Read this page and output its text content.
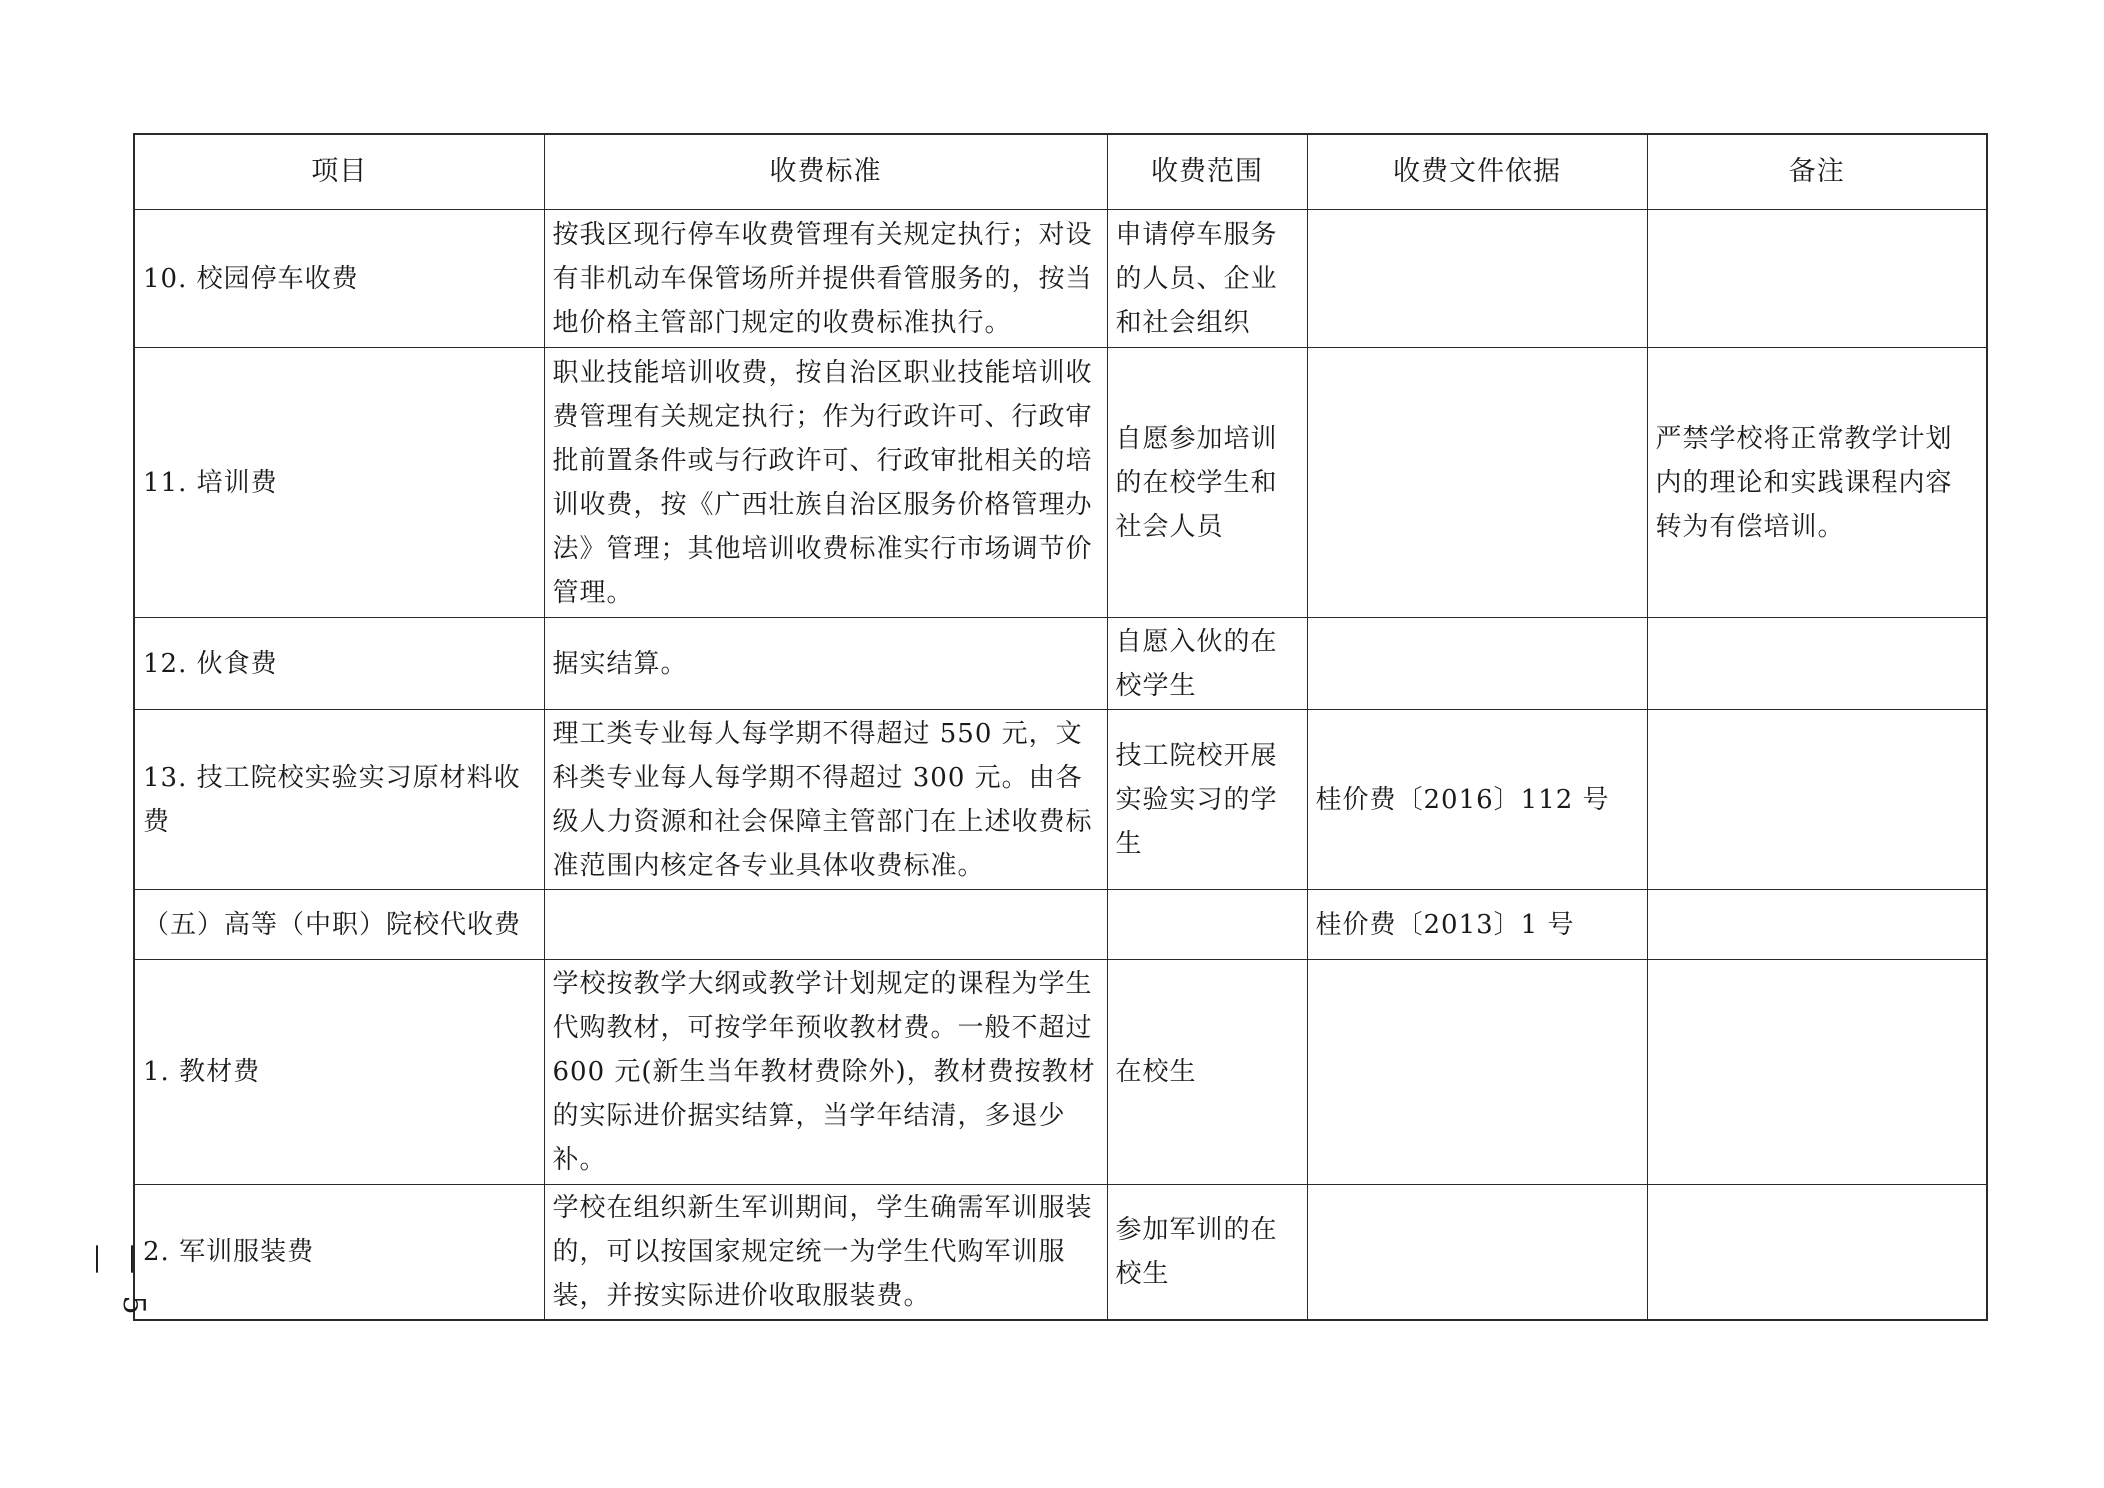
项目	收费标准	收费范围	收费文件依据	备注
10. 校园停车收费	按我区现行停车收费管理有关规定执行；对设有非机动车保管场所并提供看管服务的，按当地价格主管部门规定的收费标准执行。	申请停车服务的人员、企业和社会组织		
11. 培训费	职业技能培训收费，按自治区职业技能培训收费管理有关规定执行；作为行政许可、行政审批前置条件或与行政许可、行政审批相关的培训收费，按《广西壮族自治区服务价格管理办法》管理；其他培训收费标准实行市场调节价管理。	自愿参加培训的在校学生和社会人员		严禁学校将正常教学计划内的理论和实践课程内容转为有偿培训。
12. 伙食费	据实结算。	自愿入伙的在校学生		
13. 技工院校实验实习原材料收费	理工类专业每人每学期不得超过 550 元，文科类专业每人每学期不得超过 300 元。由各级人力资源和社会保障主管部门在上述收费标准范围内核定各专业具体收费标准。	技工院校开展实验实习的学生	桂价费〔2016〕112 号	
（五）高等（中职）院校代收费			桂价费〔2013〕1 号	
1. 教材费	学校按教学大纲或教学计划规定的课程为学生代购教材，可按学年预收教材费。一般不超过 600 元(新生当年教材费除外)，教材费按教材的实际进价据实结算，当学年结清，多退少补。	在校生		
2. 军训服装费	学校在组织新生军训期间，学生确需军训服装的，可以按国家规定统一为学生代购军训服装，并按实际进价收取服装费。	参加军训的在校生		
— 5 —
